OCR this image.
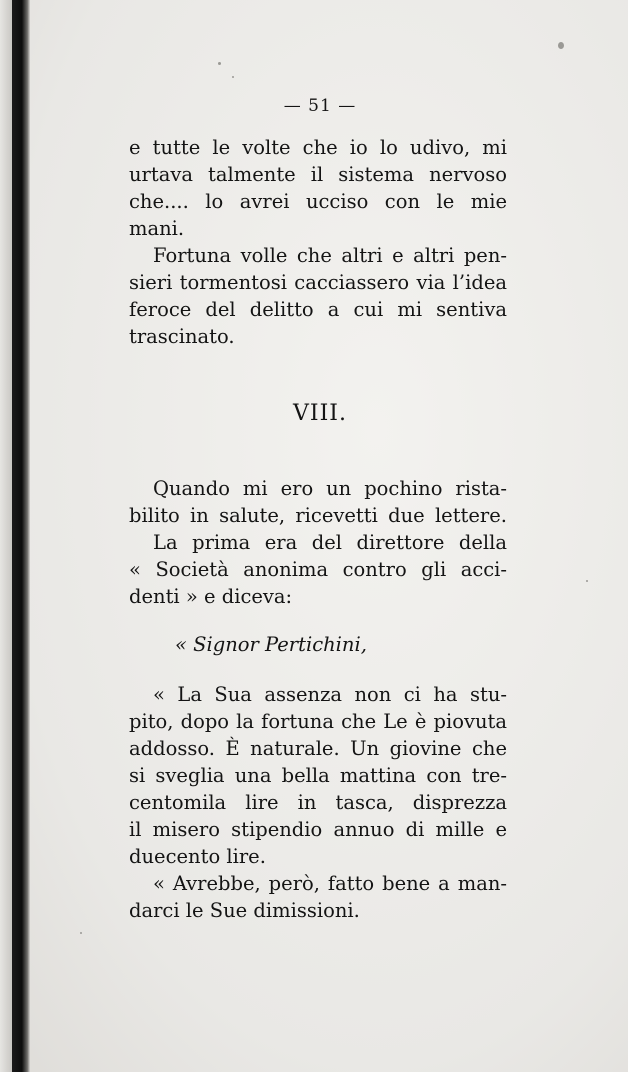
— 51 —
e tutte le volte che io lo udivo, mi
urtava talmente il sistema nervoso
che.... lo avrei ucciso con le mie
mani.
Fortuna volle che altri e altri pen-
sieri tormentosi cacciassero via l’idea
feroce del delitto a cui mi sentiva
trascinato.
VIII.
Quando mi ero un pochino rista-
bilito in salute, ricevetti due lettere.
La prima era del direttore della
« Società anonima contro gli acci-
denti » e diceva:
« Signor Pertichini,
« La Sua assenza non ci ha stu-
pito, dopo la fortuna che Le è piovuta
addosso. È naturale. Un giovine che
si sveglia una bella mattina con tre-
centomila lire in tasca, disprezza
il misero stipendio annuo di mille e
duecento lire.
« Avrebbe, però, fatto bene a man-
darci le Sue dimissioni.
